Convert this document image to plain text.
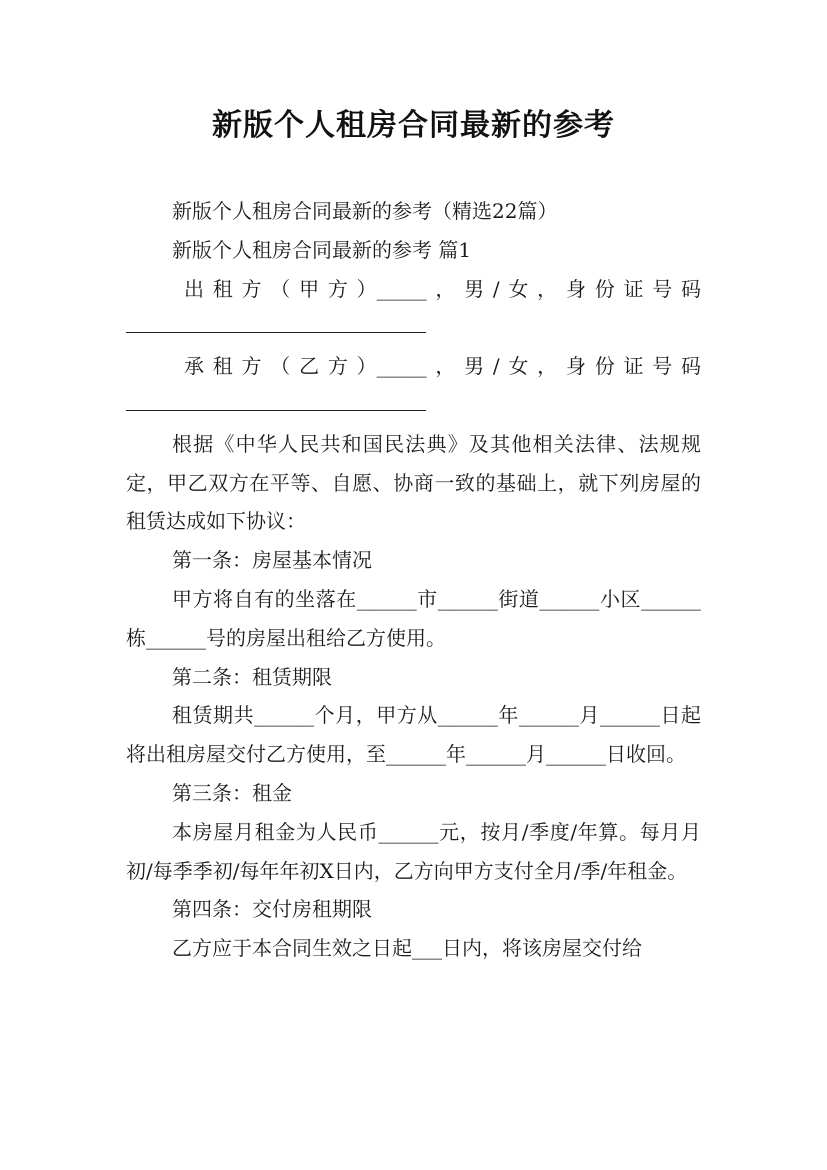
新版个人租房合同最新的参考

新版个人租房合同最新的参考（精选22篇）

新版个人租房合同最新的参考 篇1

出 租 方 （ 甲 方 ）_____ ， 男 / 女 ， 身 份 证 号 码

承 租 方 （ 乙 方 ）_____ ， 男 / 女 ， 身 份 证 号 码

根据《中华人民共和国民法典》及其他相关法律、法规规定，甲乙双方在平等、自愿、协商一致的基础上，就下列房屋的租赁达成如下协议：

第一条：房屋基本情况

甲方将自有的坐落在______市______街道______小区______栋______号的房屋出租给乙方使用。

第二条：租赁期限

租赁期共______个月，甲方从______年______月______日起将出租房屋交付乙方使用，至______年______月______日收回。

第三条：租金

本房屋月租金为人民币______元，按月/季度/年算。每月月初/每季季初/每年年初X日内，乙方向甲方支付全月/季/年租金。

第四条：交付房租期限

乙方应于本合同生效之日起___日内，将该房屋交付给
